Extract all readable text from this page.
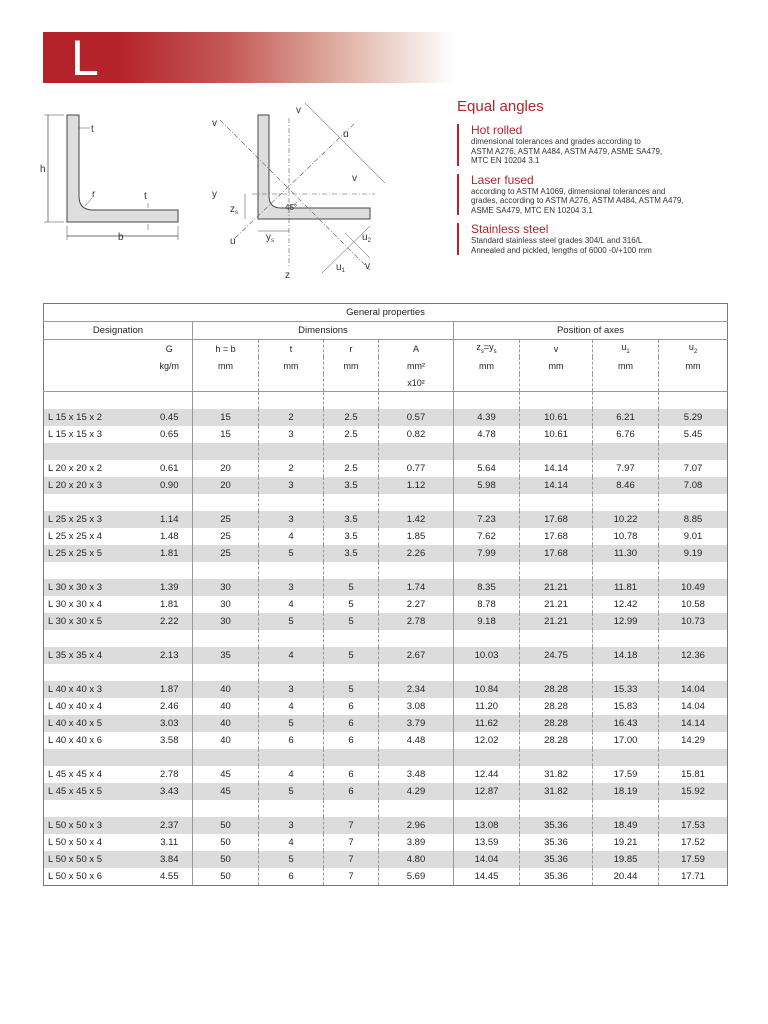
L
t
h
r	t
b
v
v
v
v
u
u
y
$z_s$
45°
$y_s$
$u_1$
$u_2$
z
Equal angles
Hot rolled
dimensional tolerances and grades according to
ASTM A276, ASTM A484, ASTM A479, ASME SA479,
MTC EN 10204 3.1
Laser fused
according to ASTM A1069, dimensional tolerances and
grades, according to ASTM A276, ASTM A484, ASTM A479,
ASME SA479, MTC EN 10204 3.1
Stainless steel
Standard stainless steel grades 304/L and 316/L
Annealed and pickled, lengths of 6000 -0/+100 mm
General properties									
Designation		Dimensions				Position of axes			
	G	h = b	t	r	A	$z_s=y_s$	v	$u_1$	$u_2$
	kg/m	mm	mm	mm	mm²	mm	mm	mm	mm
					x10²				

L 15 x 15 x 2	0.45	15	2	2.5	0.57	4.39	10.61	6.21	5.29
L 15 x 15 x 3	0.65	15	3	2.5	0.82	4.78	10.61	6.76	5.45

L 20 x 20 x 2	0.61	20	2	2.5	0.77	5.64	14.14	7.97	7.07
L 20 x 20 x 3	0.90	20	3	3.5	1.12	5.98	14.14	8.46	7.08

L 25 x 25 x 3	1.14	25	3	3.5	1.42	7.23	17.68	10.22	8.85
L 25 x 25 x 4	1.48	25	4	3.5	1.85	7.62	17.68	10.78	9.01
L 25 x 25 x 5	1.81	25	5	3.5	2.26	7.99	17.68	11.30	9.19

L 30 x 30 x 3	1.39	30	3	5	1.74	8.35	21.21	11.81	10.49
L 30 x 30 x 4	1.81	30	4	5	2.27	8.78	21.21	12.42	10.58
L 30 x 30 x 5	2.22	30	5	5	2.78	9.18	21.21	12.99	10.73

L 35 x 35 x 4	2.13	35	4	5	2.67	10.03	24.75	14.18	12.36

L 40 x 40 x 3	1.87	40	3	5	2.34	10.84	28.28	15.33	14.04
L 40 x 40 x 4	2.46	40	4	6	3.08	11.20	28.28	15.83	14.04
L 40 x 40 x 5	3.03	40	5	6	3.79	11.62	28.28	16.43	14.14
L 40 x 40 x 6	3.58	40	6	6	4.48	12.02	28.28	17.00	14.29

L 45 x 45 x 4	2.78	45	4	6	3.48	12.44	31.82	17.59	15.81
L 45 x 45 x 5	3.43	45	5	6	4.29	12.87	31.82	18.19	15.92

L 50 x 50 x 3	2.37	50	3	7	2.96	13.08	35.36	18.49	17.53
L 50 x 50 x 4	3.11	50	4	7	3.89	13.59	35.36	19.21	17.52
L 50 x 50 x 5	3.84	50	5	7	4.80	14.04	35.36	19.85	17.59
L 50 x 50 x 6	4.55	50	6	7	5.69	14.45	35.36	20.44	17.71
